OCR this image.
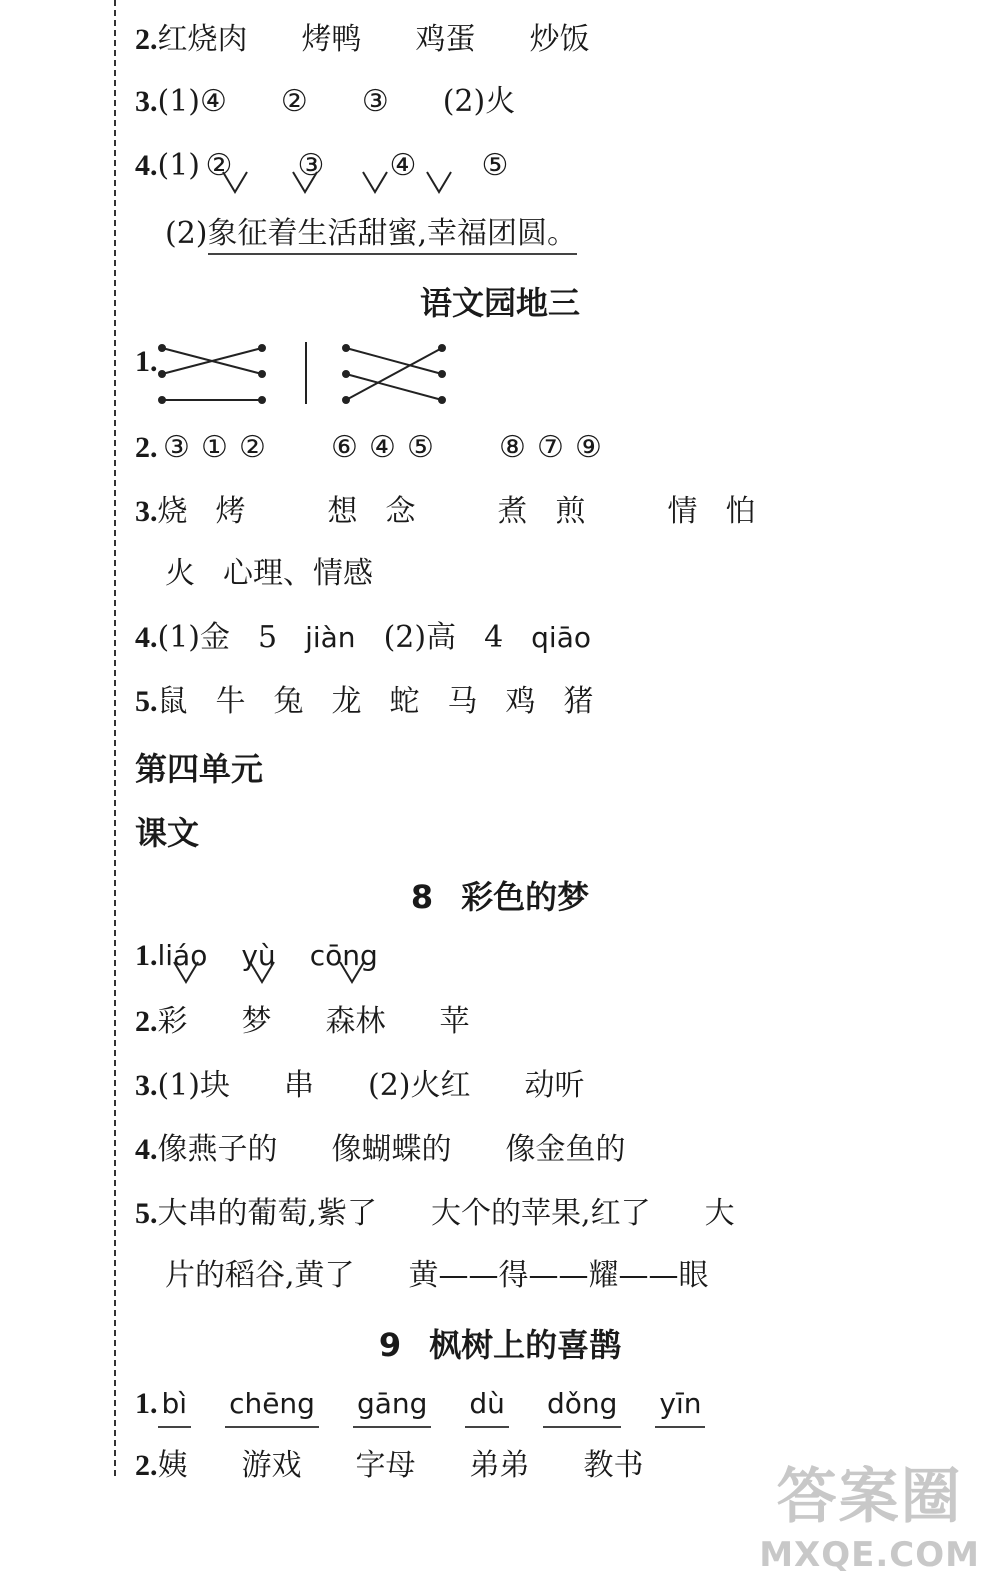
2.红烧肉 烤鸭 鸡蛋 炒饭
3.(1)④ ② ③ (2)火
4.(1) ② ③ ④ ⑤
(2)象征着生活甜蜜,幸福团圆。
语文园地三
1.
2. ③ ① ② ⑥ ④ ⑤ ⑧ ⑦ ⑨
3.烧 烤	想 念	煮 煎	情 怕
火 心理、情感
4.(1)金 5 jiàn (2)高 4 qiāo
5.鼠 牛 兔 龙 蛇 马 鸡 猪
第四单元
课文
8 彩色的梦
1.liáo yù cōng
2.彩 梦 森林 苹
3.(1)块 串 (2)火红 动听
4.像燕子的 像蝴蝶的 像金鱼的
5.大串的葡萄,紫了 大个的苹果,红了 大
片的稻谷,黄了 黄——得——耀——眼
9 枫树上的喜鹊
1. bì chēng gāng dù dǒng yīn
2.姨 游戏 字母 弟弟 教书 答案圈
MXQE.COM
